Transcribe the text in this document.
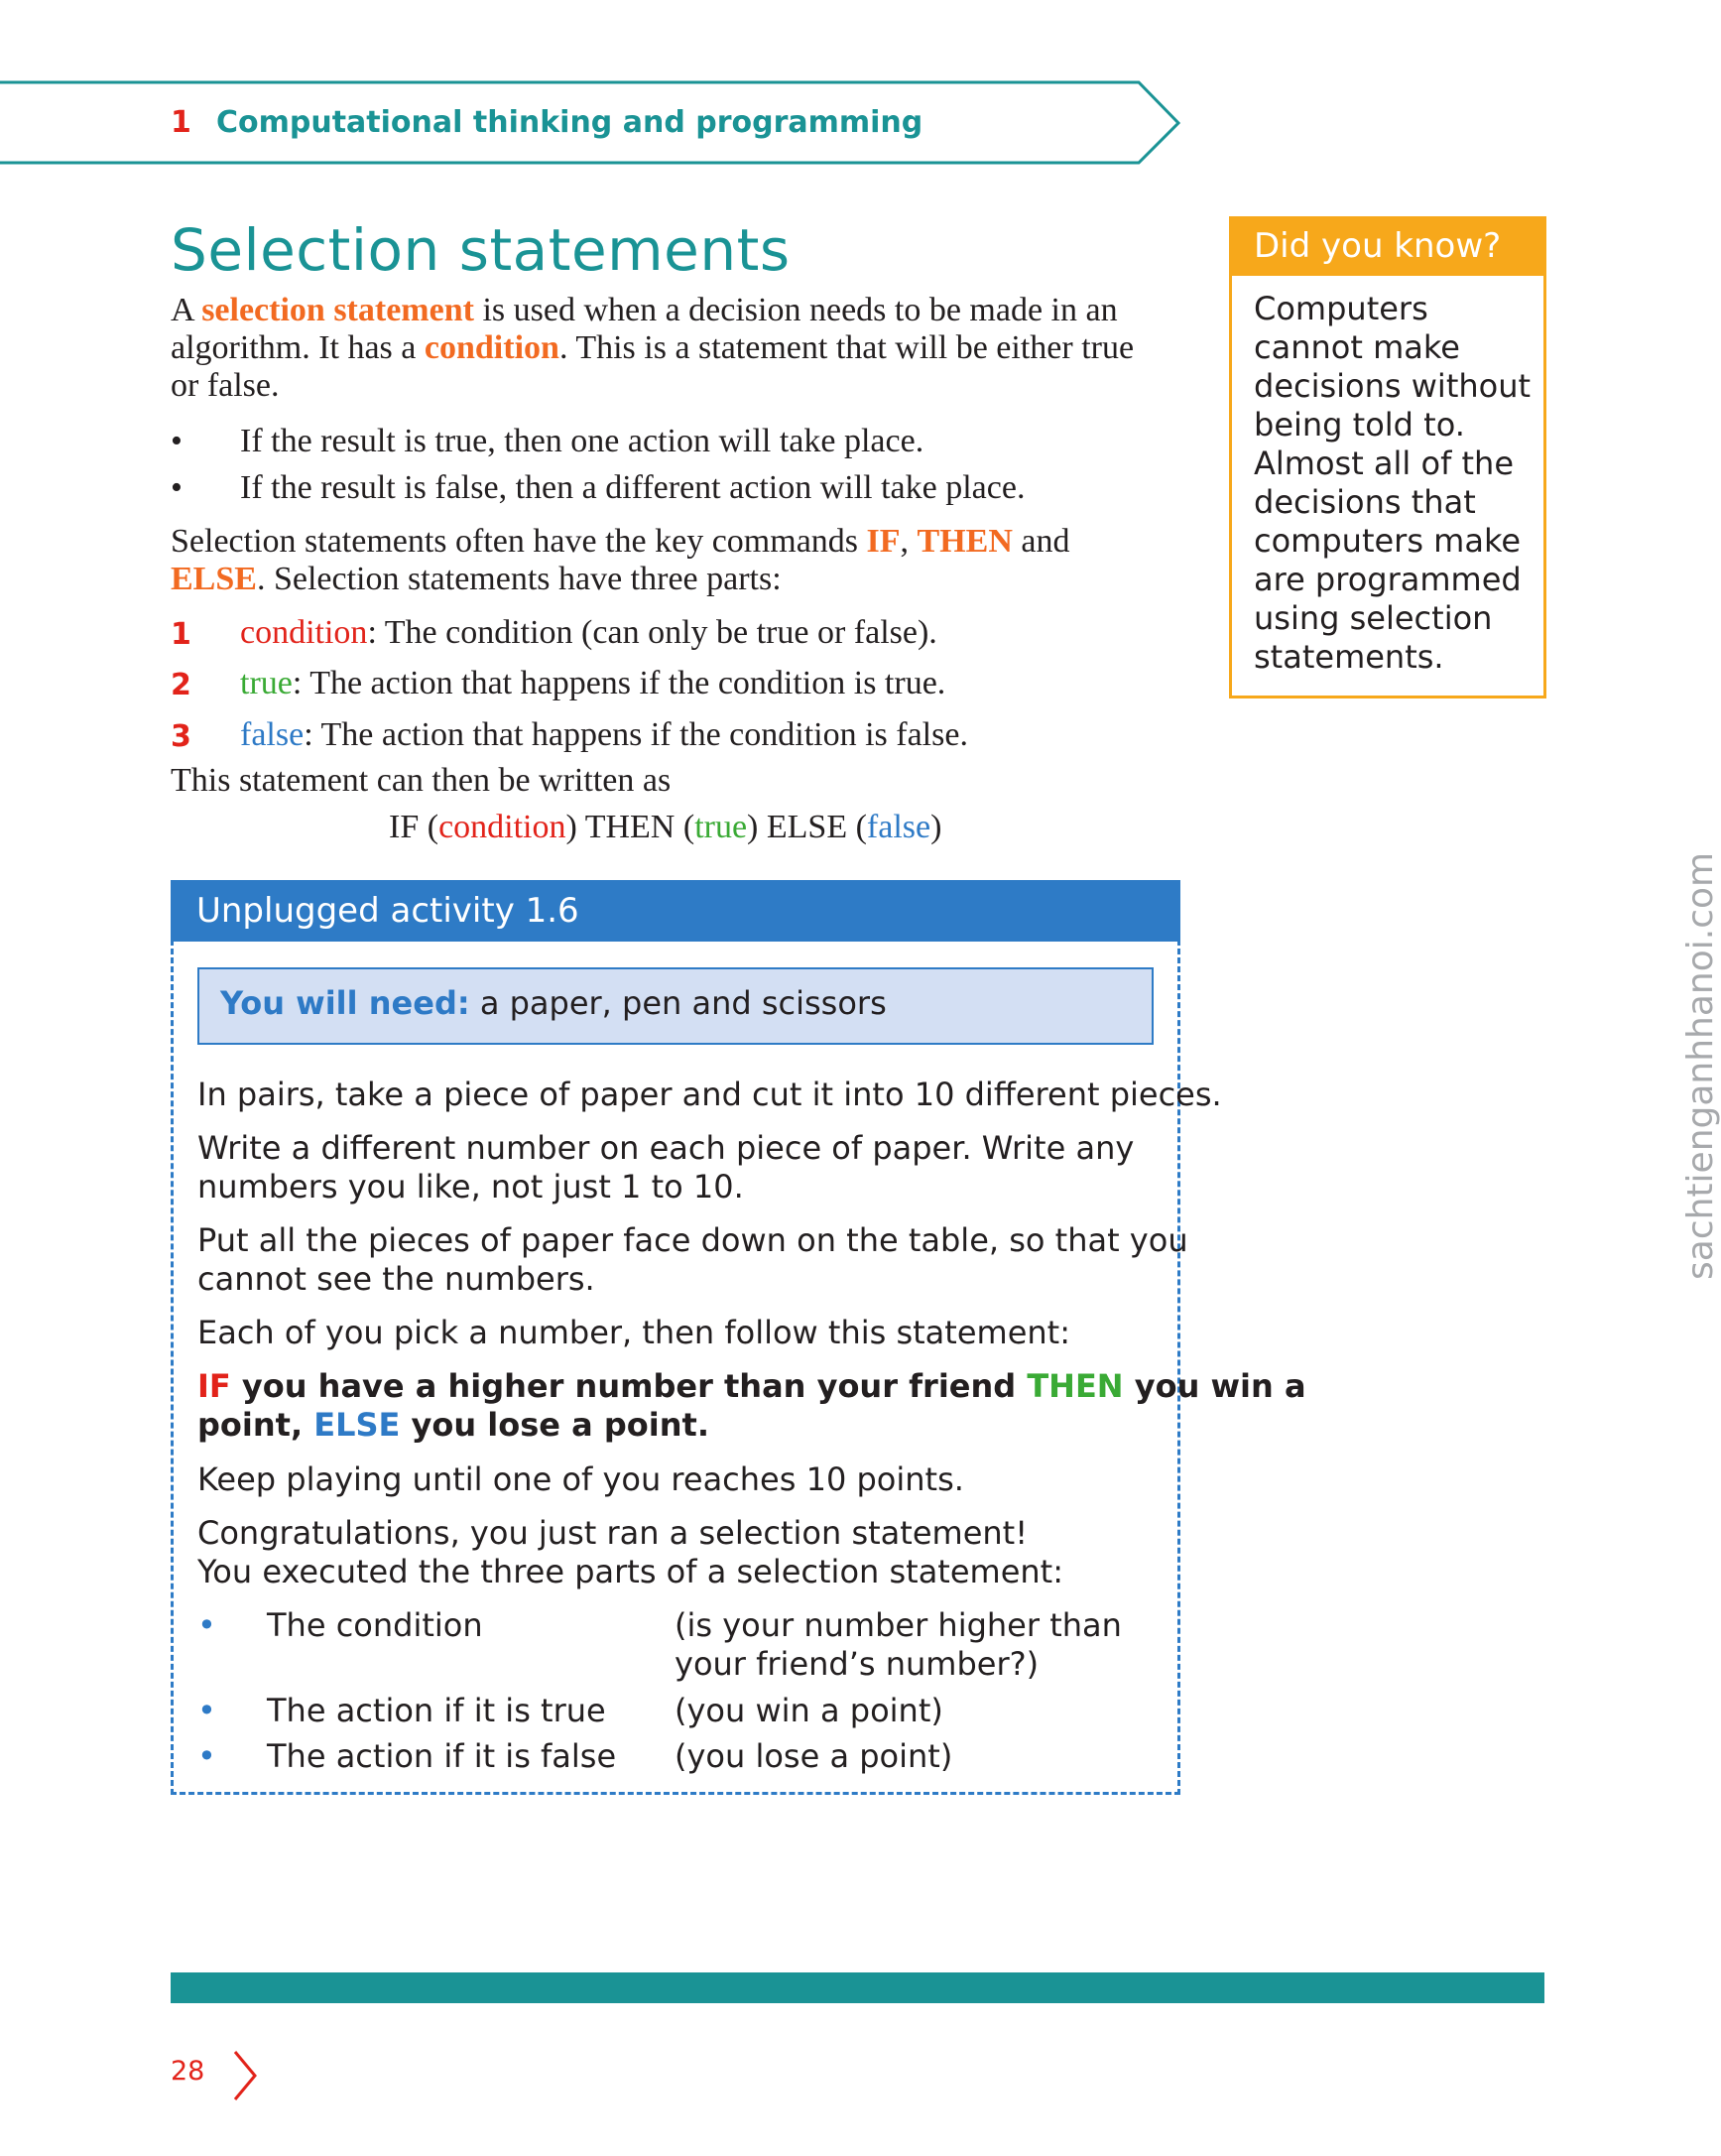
1 Computational thinking and programming
Selection statements
A selection statement is used when a decision needs to be made in an
algorithm. It has a condition. This is a statement that will be either true
or false.
• If the result is true, then one action will take place.
• If the result is false, then a different action will take place.
Selection statements often have the key commands IF, THEN and
ELSE. Selection statements have three parts:
1 condition: The condition (can only be true or false).
2 true: The action that happens if the condition is true.
3 false: The action that happens if the condition is false.
This statement can then be written as
IF (condition) THEN (true) ELSE (false)
Did you know?
Computers
cannot make
decisions without
being told to.
Almost all of the
decisions that
computers make
are programmed
using selection
statements.
Unplugged activity 1.6
You will need: a paper, pen and scissors
In pairs, take a piece of paper and cut it into 10 different pieces.
Write a different number on each piece of paper. Write any
numbers you like, not just 1 to 10.
Put all the pieces of paper face down on the table, so that you
cannot see the numbers.
Each of you pick a number, then follow this statement:
IF you have a higher number than your friend THEN you win a
point, ELSE you lose a point.
Keep playing until one of you reaches 10 points.
Congratulations, you just ran a selection statement!
You executed the three parts of a selection statement:
• The condition	(is your number higher than
your friend’s number?)
• The action if it is true (you win a point)
• The action if it is false (you lose a point)
28
sachtienganhhanoi.com
